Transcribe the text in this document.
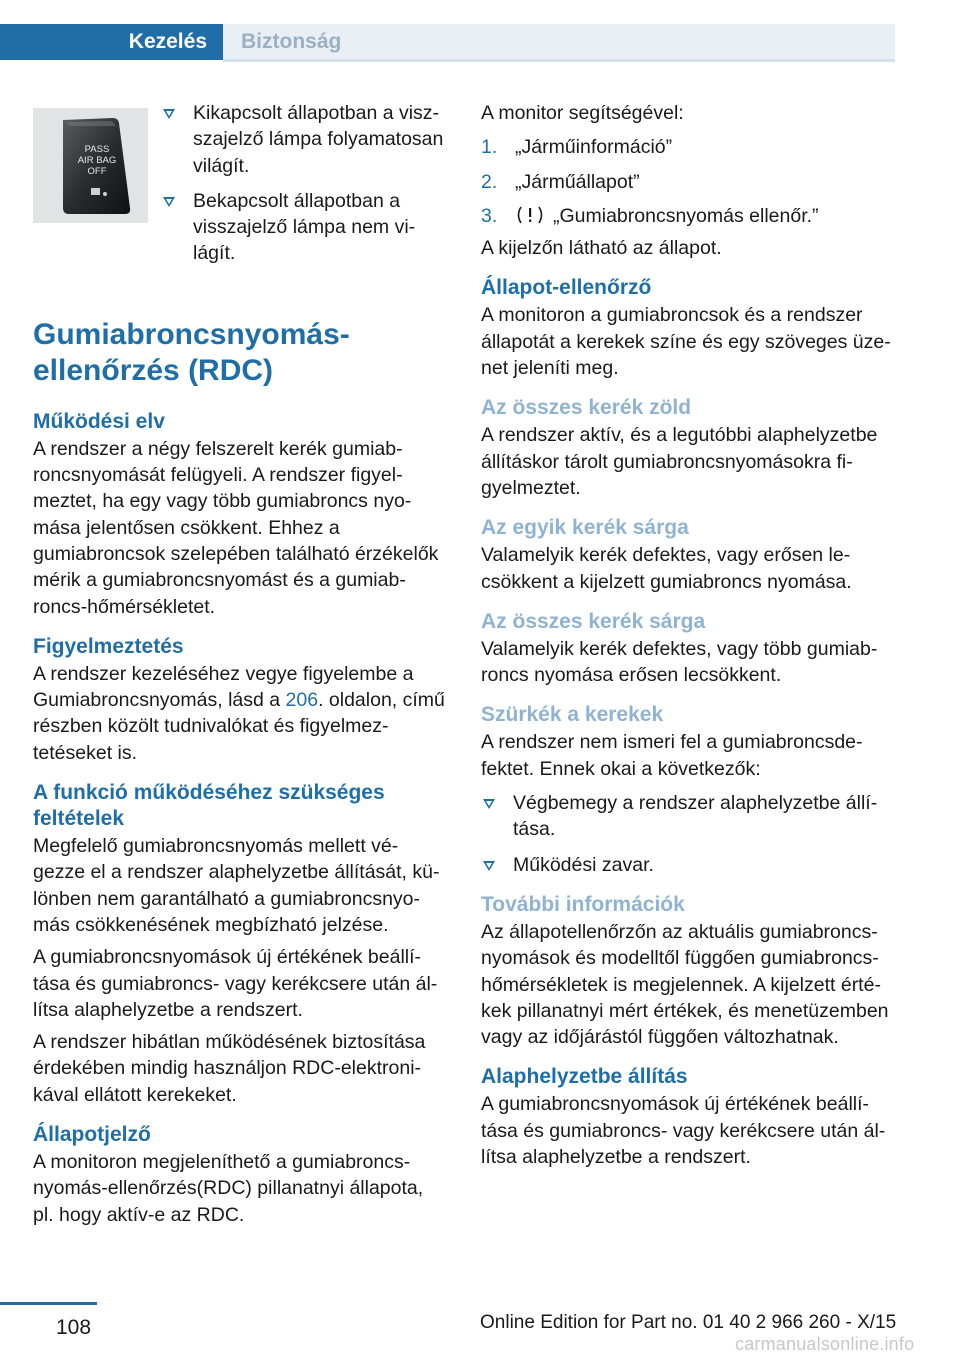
Kezelés Biztonság
PASS
AIR BAG
OFF
Kikapcsolt állapotban a visz‐szajelző lámpa folyamatosan világít.
Bekapcsolt állapotban a visszajelző lámpa nem vi‐lágít.
Gumiabroncsnyomás-ellenőrzés (RDC)
Működési elv
A rendszer a négy felszerelt kerék gumiab‐roncsnyomását felügyeli. A rendszer figyel‐meztet, ha egy vagy több gumiabroncs nyo‐mása jelentősen csökkent. Ehhez a gumiabroncsok szelepében található érzékelők mérik a gumiabroncsnyomást és a gumiab‐roncs-hőmérsékletet.
Figyelmeztetés
A rendszer kezeléséhez vegye figyelembe a Gumiabroncsnyomás, lásd a 206. oldalon, című részben közölt tudnivalókat és figyelmez‐tetéseket is.
A funkció működéséhez szükséges feltételek
Megfelelő gumiabroncsnyomás mellett vé‐gezze el a rendszer alaphelyzetbe állítását, kü‐lönben nem garantálható a gumiabroncsnyo‐más csökkenésének megbízható jelzése.
A gumiabroncsnyomások új értékének beállí‐tása és gumiabroncs- vagy kerékcsere után ál‐lítsa alaphelyzetbe a rendszert.
A rendszer hibátlan működésének biztosítása érdekében mindig használjon RDC-elektroni‐kával ellátott kerekeket.
Állapotjelző
A monitoron megjeleníthető a gumiabroncs‐nyomás-ellenőrzés(RDC) pillanatnyi állapota, pl. hogy aktív-e az RDC.
A monitor segítségével:
1. „Járműinformáció”
2. „Járműállapot”
3.	„Gumiabroncsnyomás ellenőr.”
A kijelzőn látható az állapot.
Állapot-ellenőrző
A monitoron a gumiabroncsok és a rendszer állapotát a kerekek színe és egy szöveges üze‐net jeleníti meg.
Az összes kerék zöld
A rendszer aktív, és a legutóbbi alaphelyzetbe állításkor tárolt gumiabroncsnyomásokra fi‐gyelmeztet.
Az egyik kerék sárga
Valamelyik kerék defektes, vagy erősen le‐csökkent a kijelzett gumiabroncs nyomása.
Az összes kerék sárga
Valamelyik kerék defektes, vagy több gumiab‐roncs nyomása erősen lecsökkent.
Szürkék a kerekek
A rendszer nem ismeri fel a gumiabroncsde‐fektet. Ennek okai a következők:
Végbemegy a rendszer alaphelyzetbe állí‐tása.
Működési zavar.
További információk
Az állapotellenőrzőn az aktuális gumiabroncs‐nyomások és modelltől függően gumiabroncs-hőmérsékletek is megjelennek. A kijelzett érté‐kek pillanatnyi mért értékek, és menetüzemben vagy az időjárástól függően változhatnak.
Alaphelyzetbe állítás
A gumiabroncsnyomások új értékének beállí‐tása és gumiabroncs- vagy kerékcsere után ál‐lítsa alaphelyzetbe a rendszert.
108	Online Edition for Part no. 01 40 2 966 260 - X/15
carmanualsonline.info
